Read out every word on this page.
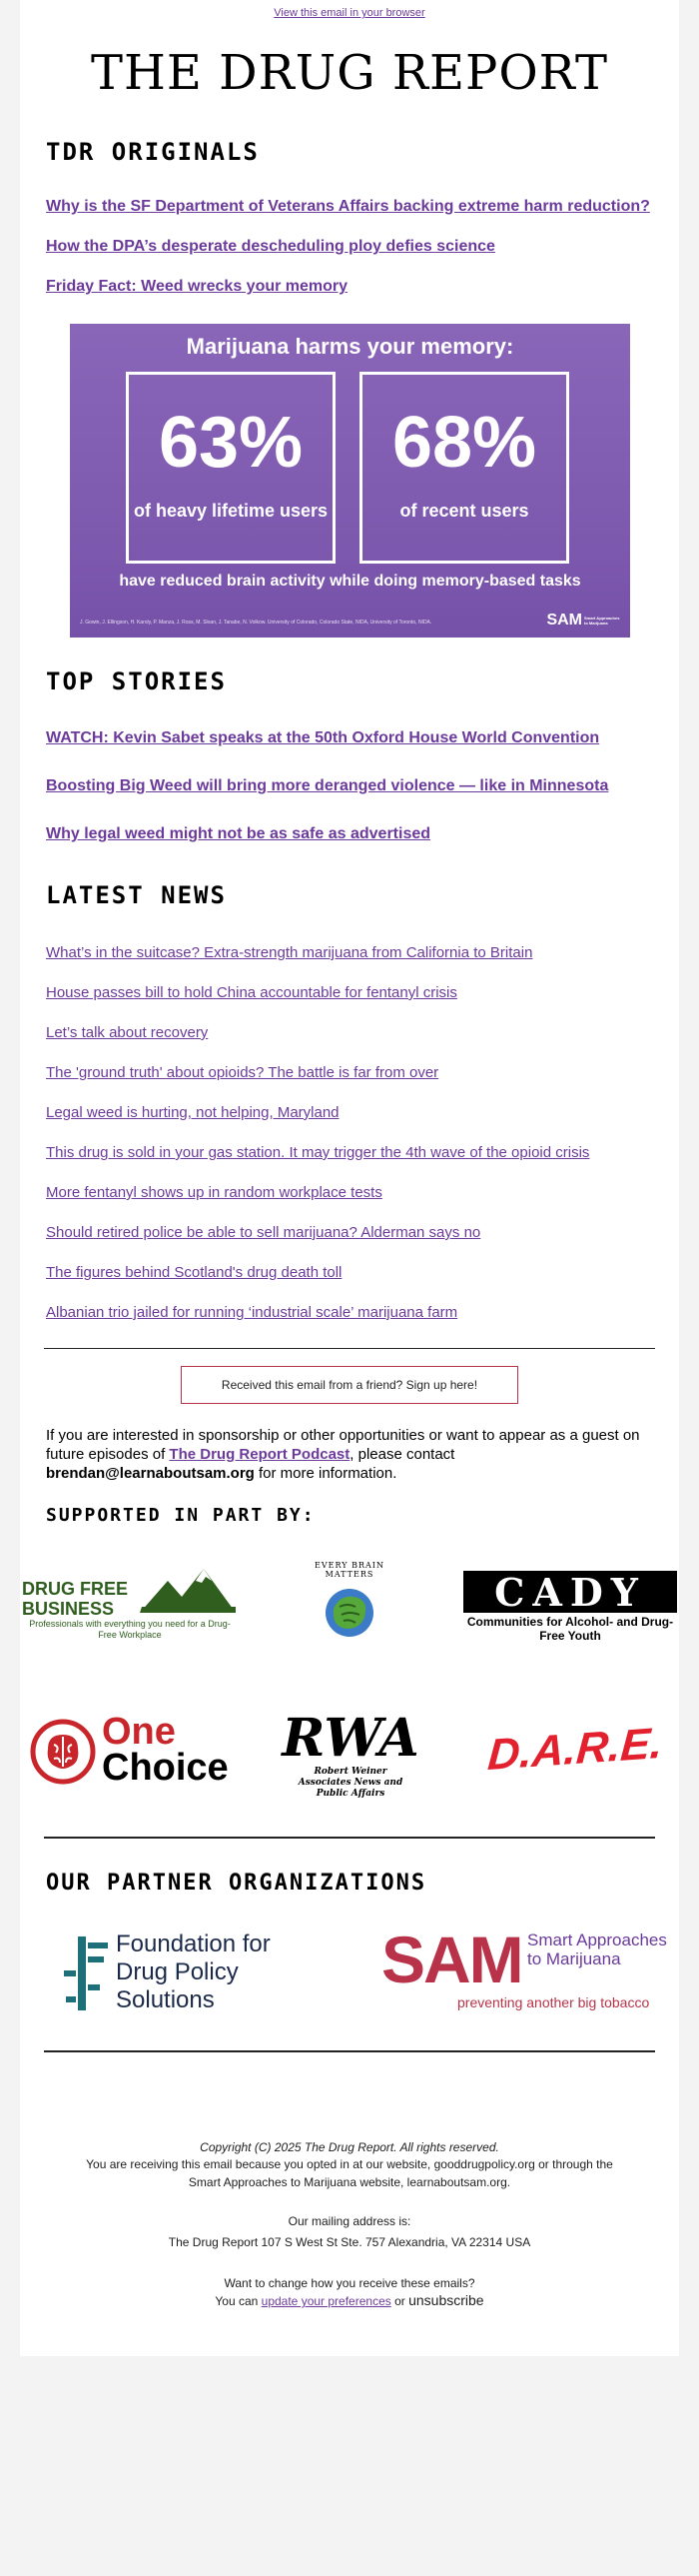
View this email in your browser
THE DRUG REPORT
TDR ORIGINALS
Why is the SF Department of Veterans Affairs backing extreme harm reduction?
How the DPA’s desperate descheduling ploy defies science
Friday Fact: Weed wrecks your memory
Marijuana harms your memory:
63%
of heavy lifetime users
68%
of recent users
have reduced brain activity while doing memory-based tasks
J. Gowin, J. Ellingson, H. Karoly, P. Manza, J. Ross, M. Sloan, J. Tanabe, N. Volkow. University of Colorado, Colorado State, NIDA, University of Toronto, NIDA.	SAM Smart Approaches to Marijuana
TOP STORIES
WATCH: Kevin Sabet speaks at the 50th Oxford House World Convention
Boosting Big Weed will bring more deranged violence — like in Minnesota
Why legal weed might not be as safe as advertised
LATEST NEWS
What’s in the suitcase? Extra-strength marijuana from California to Britain
House passes bill to hold China accountable for fentanyl crisis
Let’s talk about recovery
The 'ground truth' about opioids? The battle is far from over
Legal weed is hurting, not helping, Maryland
This drug is sold in your gas station. It may trigger the 4th wave of the opioid crisis
More fentanyl shows up in random workplace tests
Should retired police be able to sell marijuana? Alderman says no
The figures behind Scotland's drug death toll
Albanian trio jailed for running ‘industrial scale’ marijuana farm
Received this email from a friend? Sign up here!

If you are interested in sponsorship or other opportunities or want to appear as a guest on future episodes of The Drug Report Podcast, please contact brendan@learnaboutsam.org for more information.

SUPPORTED IN PART BY:
DRUG FREE BUSINESS
Professionals with everything you need for a Drug-Free Workplace
EVERY BRAIN MATTERS	CADY
Communities for Alcohol- and Drug-Free Youth
One
Choice RWA
Robert Weiner Associates News and Public Affairs
D.A.R.E.
OUR PARTNER ORGANIZATIONS
Foundation for Drug Policy Solutions
SAM Smart Approaches to Marijuana
preventing another big tobacco
Copyright (C) 2025 The Drug Report. All rights reserved.
You are receiving this email because you opted in at our website, gooddrugpolicy.org or through the Smart Approaches to Marijuana website, learnaboutsam.org.
Our mailing address is:
The Drug Report 107 S West St Ste. 757 Alexandria, VA 22314 USA
Want to change how you receive these emails?
You can update your preferences or unsubscribe
